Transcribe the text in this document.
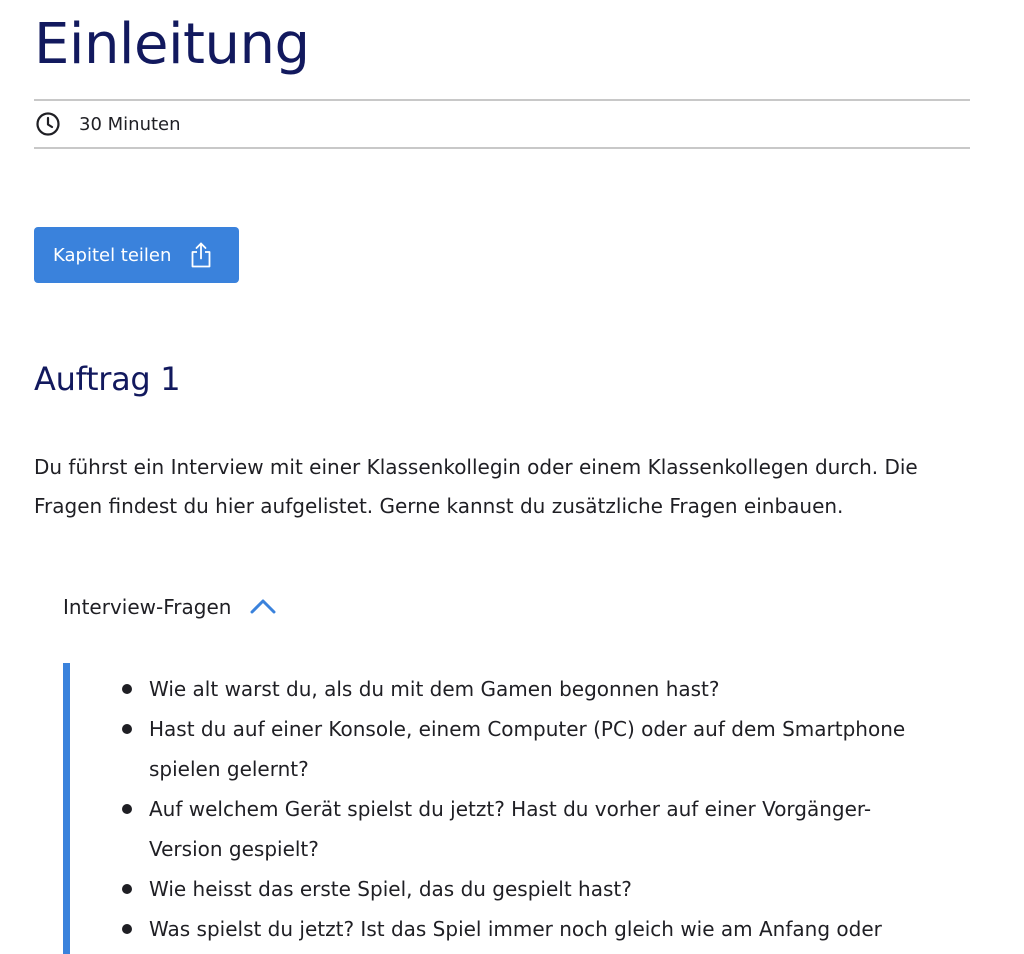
Einleitung
30 Minuten
Kapitel teilen
Auftrag 1

Du führst ein Interview mit einer Klassenkollegin oder einem Klassenkollegen durch. Die Fragen findest du hier aufgelistet. Gerne kannst du zusätzliche Fragen einbauen.

Interview-Fragen
Wie alt warst du, als du mit dem Gamen begonnen hast?
Hast du auf einer Konsole, einem Computer (PC) oder auf dem Smartphone spielen gelernt?
Auf welchem Gerät spielst du jetzt? Hast du vorher auf einer Vorgänger-Version gespielt?
Wie heisst das erste Spiel, das du gespielt hast?
Was spielst du jetzt? Ist das Spiel immer noch gleich wie am Anfang oder
